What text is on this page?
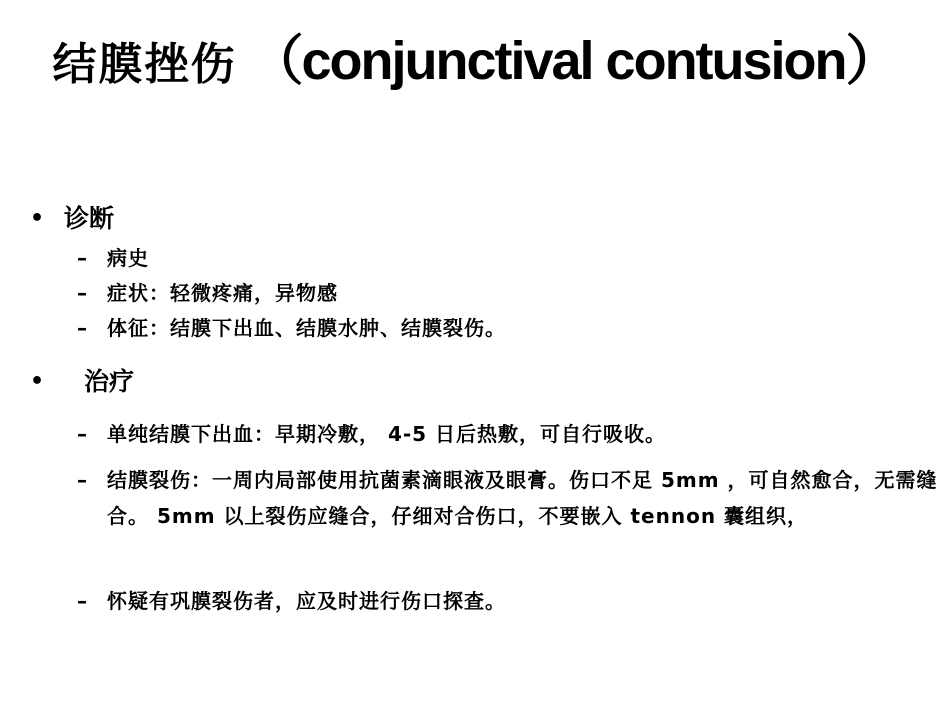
结膜挫伤 （conjunctival contusion）
• 诊断
–	病史
–	症状：轻微疼痛，异物感
–	体征：结膜下出血、结膜水肿、结膜裂伤。
•	治疗
–	单纯结膜下出血：早期冷敷， 4-5 日后热敷，可自行吸收。
–	结膜裂伤：一周内局部使用抗菌素滴眼液及眼膏。伤口不足 5mm ，可自然愈合，无需缝合。 5mm 以上裂伤应缝合，仔细对合伤口，不要嵌入 tennon 囊组织，
–	怀疑有巩膜裂伤者，应及时进行伤口探查。
